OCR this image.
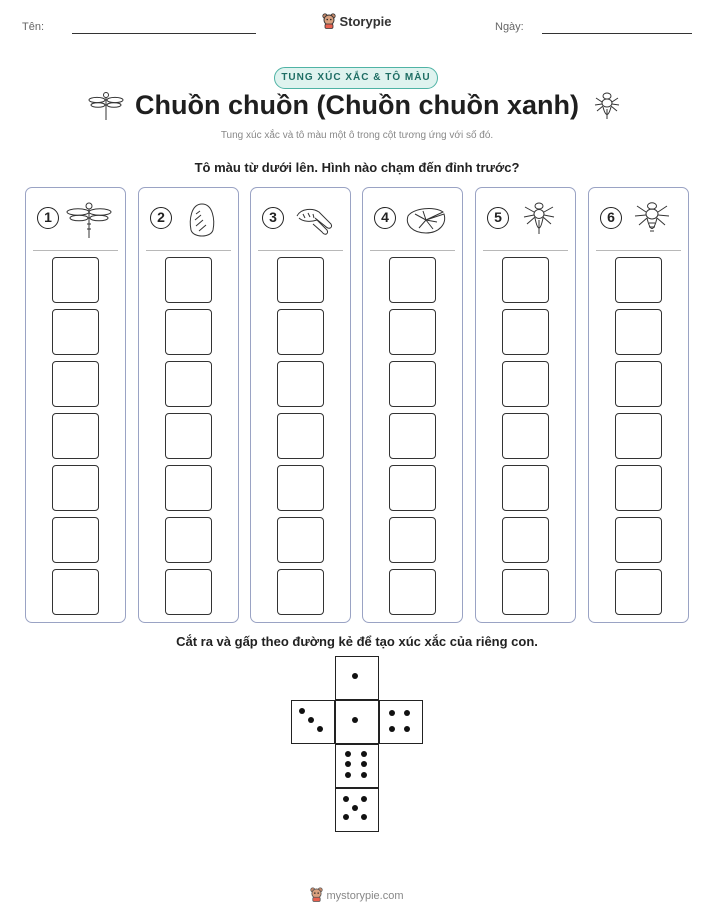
Tên:	Storypie	Ngày:
TUNG XÚC XẮC & TÔ MÀU
Chuồn chuồn (Chuồn chuồn xanh)
Tung xúc xắc và tô màu một ô trong cột tương ứng với số đó.
Tô màu từ dưới lên. Hình nào chạm đến đỉnh trước?
1	2	3	4	5	6
Cắt ra và gấp theo đường kẻ để tạo xúc xắc của riêng con.
mystorypie.com
